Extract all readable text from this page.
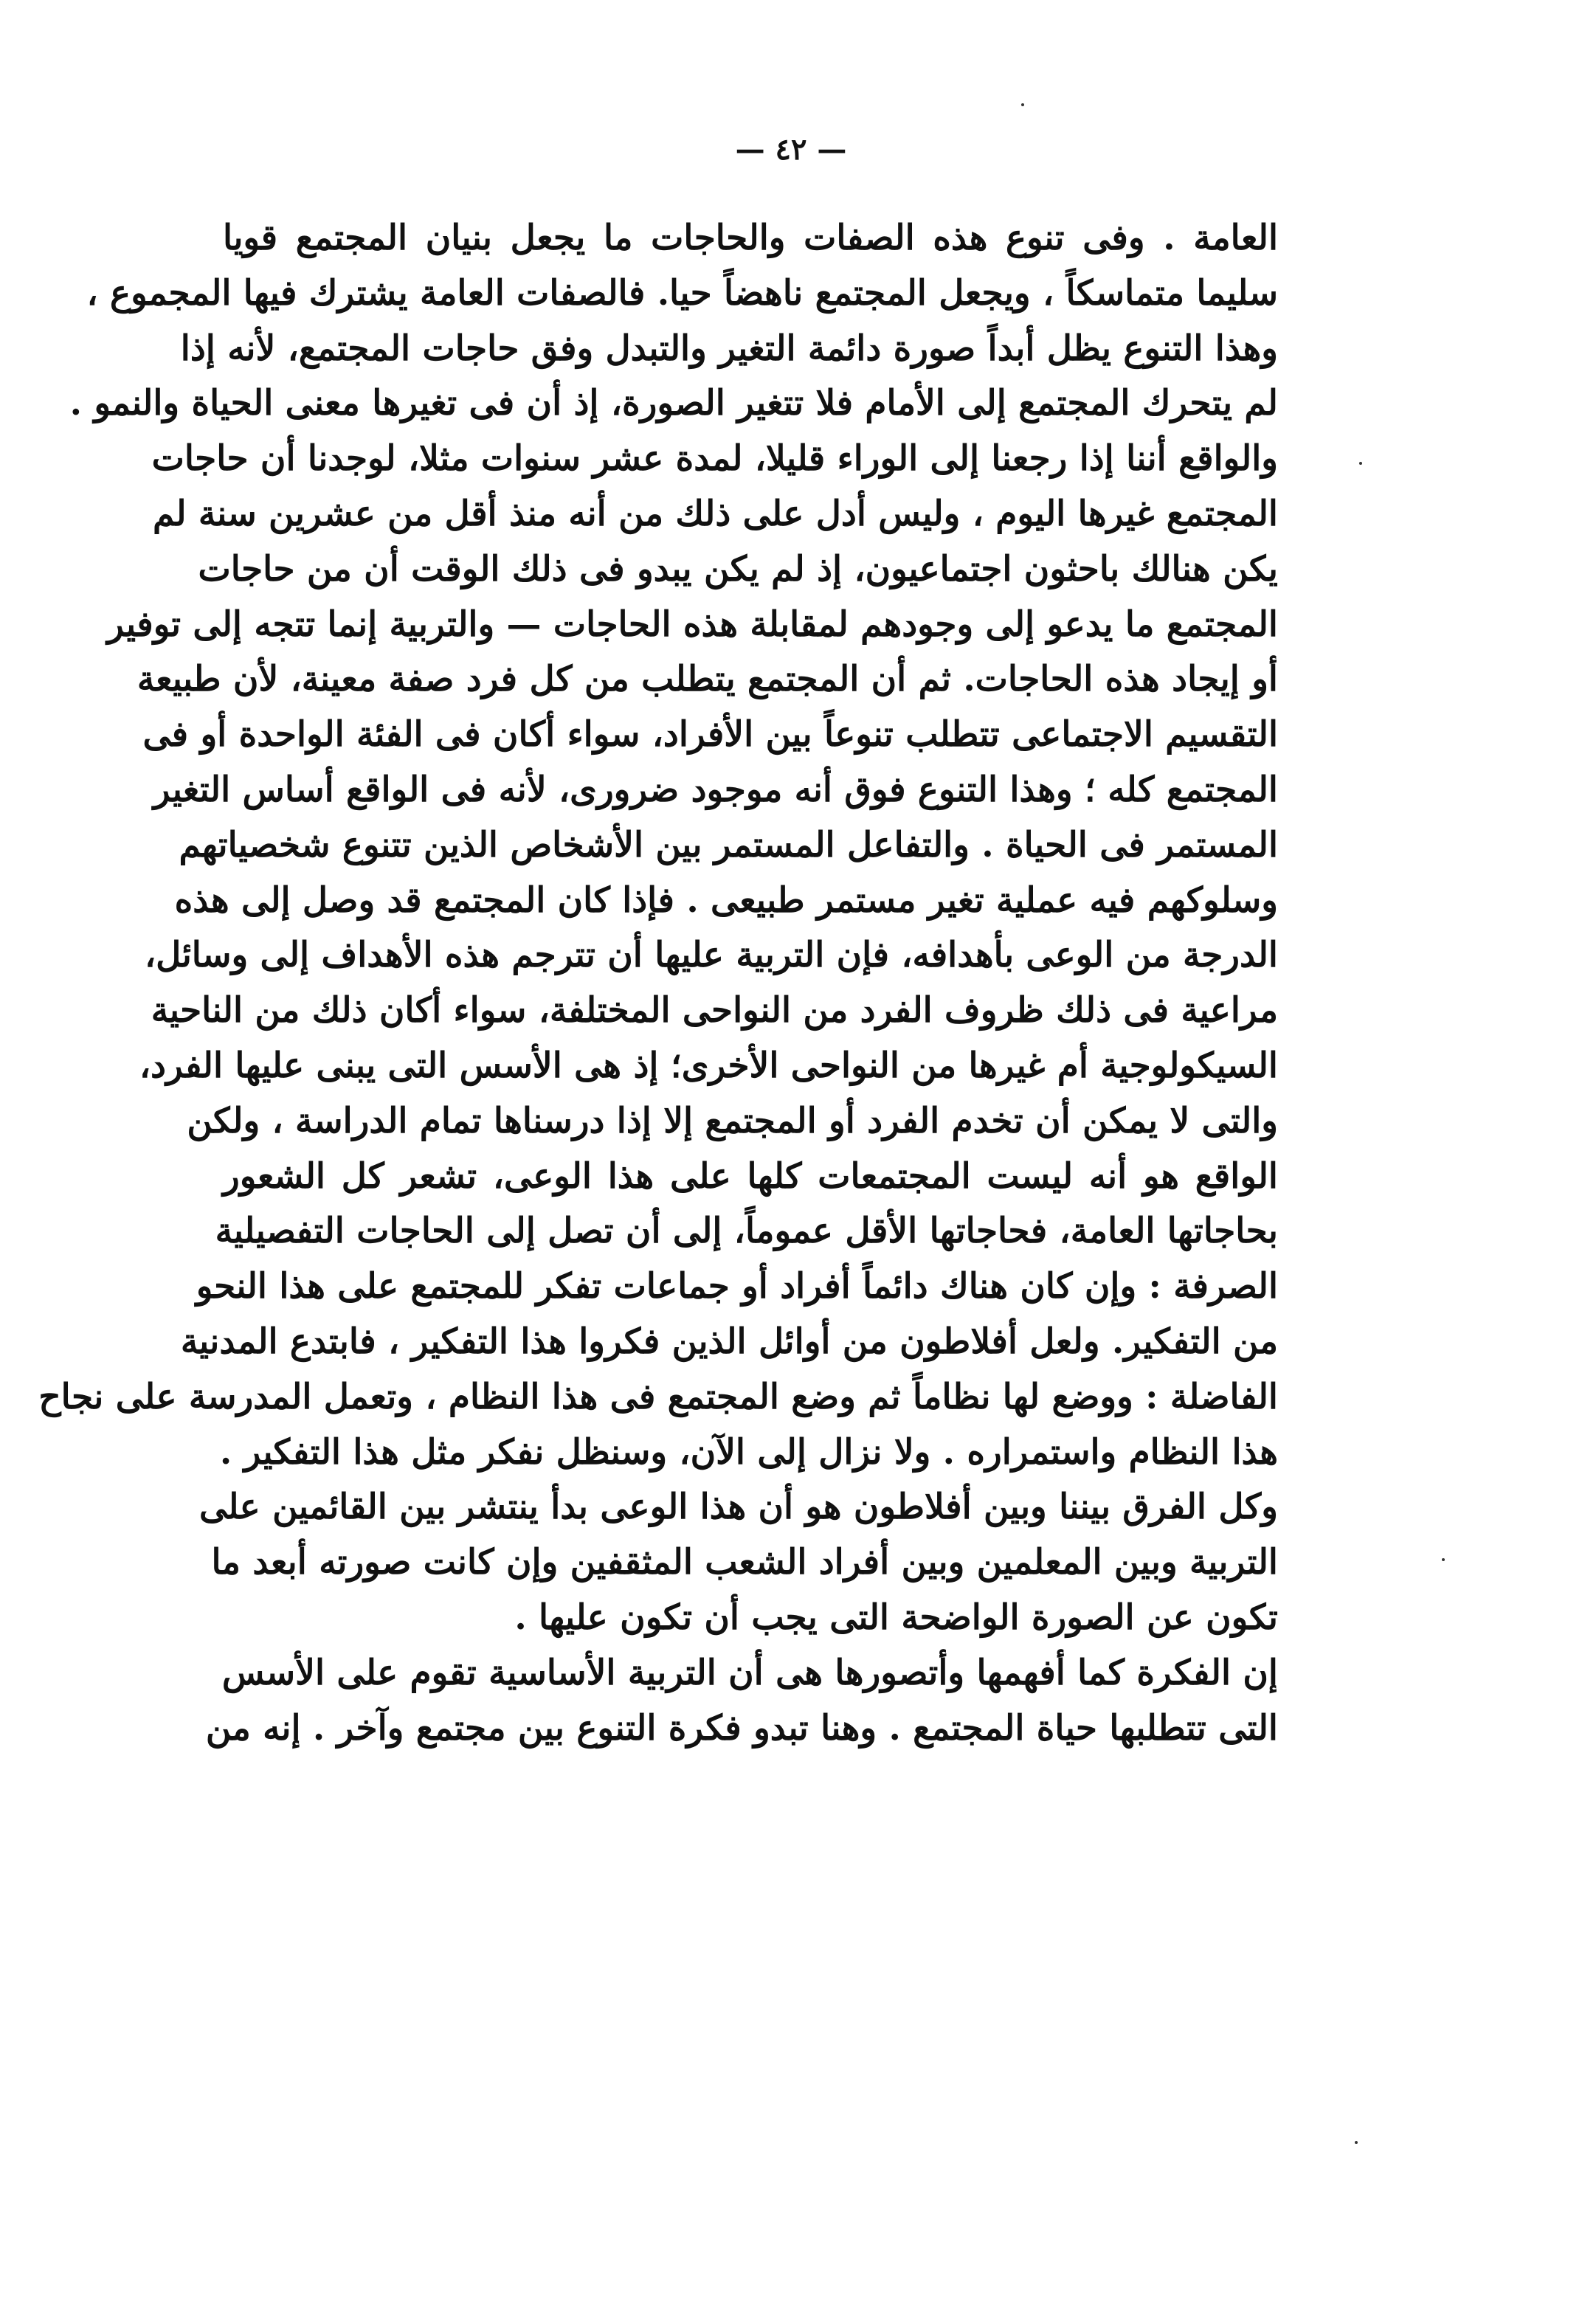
— ٤٢ —
العامة . وفى تنوع هذه الصفات والحاجات ما يجعل بنيان المجتمع قويا
سليما متماسكاً ، ويجعل المجتمع ناهضاً حيا. فالصفات العامة يشترك فيها المجموع ،
وهذا التنوع يظل أبداً صورة دائمة التغير والتبدل وفق حاجات المجتمع، لأنه إذا
لم يتحرك المجتمع إلى الأمام فلا تتغير الصورة، إذ أن فى تغيرها معنى الحياة والنمو .
والواقع أننا إذا رجعنا إلى الوراء قليلا، لمدة عشر سنوات مثلا، لوجدنا أن حاجات
المجتمع غيرها اليوم ، وليس أدل على ذلك من أنه منذ أقل من عشرين سنة لم
يكن هنالك باحثون اجتماعيون، إذ لم يكن يبدو فى ذلك الوقت أن من حاجات
المجتمع ما يدعو إلى وجودهم لمقابلة هذه الحاجات — والتربية إنما تتجه إلى توفير
أو إيجاد هذه الحاجات. ثم أن المجتمع يتطلب من كل فرد صفة معينة، لأن طبيعة
التقسيم الاجتماعى تتطلب تنوعاً بين الأفراد، سواء أكان فى الفئة الواحدة أو فى
المجتمع كله ؛ وهذا التنوع فوق أنه موجود ضرورى، لأنه فى الواقع أساس التغير
المستمر فى الحياة . والتفاعل المستمر بين الأشخاص الذين تتنوع شخصياتهم
وسلوكهم فيه عملية تغير مستمر طبيعى . فإذا كان المجتمع قد وصل إلى هذه
الدرجة من الوعى بأهدافه، فإن التربية عليها أن تترجم هذه الأهداف إلى وسائل،
مراعية فى ذلك ظروف الفرد من النواحى المختلفة، سواء أكان ذلك من الناحية
السيكولوجية أم غيرها من النواحى الأخرى؛ إذ هى الأسس التى يبنى عليها الفرد،
والتى لا يمكن أن تخدم الفرد أو المجتمع إلا إذا درسناها تمام الدراسة ، ولكن
الواقع هو أنه ليست المجتمعات كلها على هذا الوعى، تشعر كل الشعور
بحاجاتها العامة، فحاجاتها الأقل عموماً، إلى أن تصل إلى الحاجات التفصيلية
الصرفة : وإن كان هناك دائماً أفراد أو جماعات تفكر للمجتمع على هذا النحو
من التفكير. ولعل أفلاطون من أوائل الذين فكروا هذا التفكير ، فابتدع المدنية
الفاضلة : ووضع لها نظاماً ثم وضع المجتمع فى هذا النظام ، وتعمل المدرسة على نجاح
هذا النظام واستمراره . ولا نزال إلى الآن، وسنظل نفكر مثل هذا التفكير .
وكل الفرق بيننا وبين أفلاطون هو أن هذا الوعى بدأ ينتشر بين القائمين على
التربية وبين المعلمين وبين أفراد الشعب المثقفين وإن كانت صورته أبعد ما
تكون عن الصورة الواضحة التى يجب أن تكون عليها .
إن الفكرة كما أفهمها وأتصورها هى أن التربية الأساسية تقوم على الأسس
التى تتطلبها حياة المجتمع . وهنا تبدو فكرة التنوع بين مجتمع وآخر . إنه من
